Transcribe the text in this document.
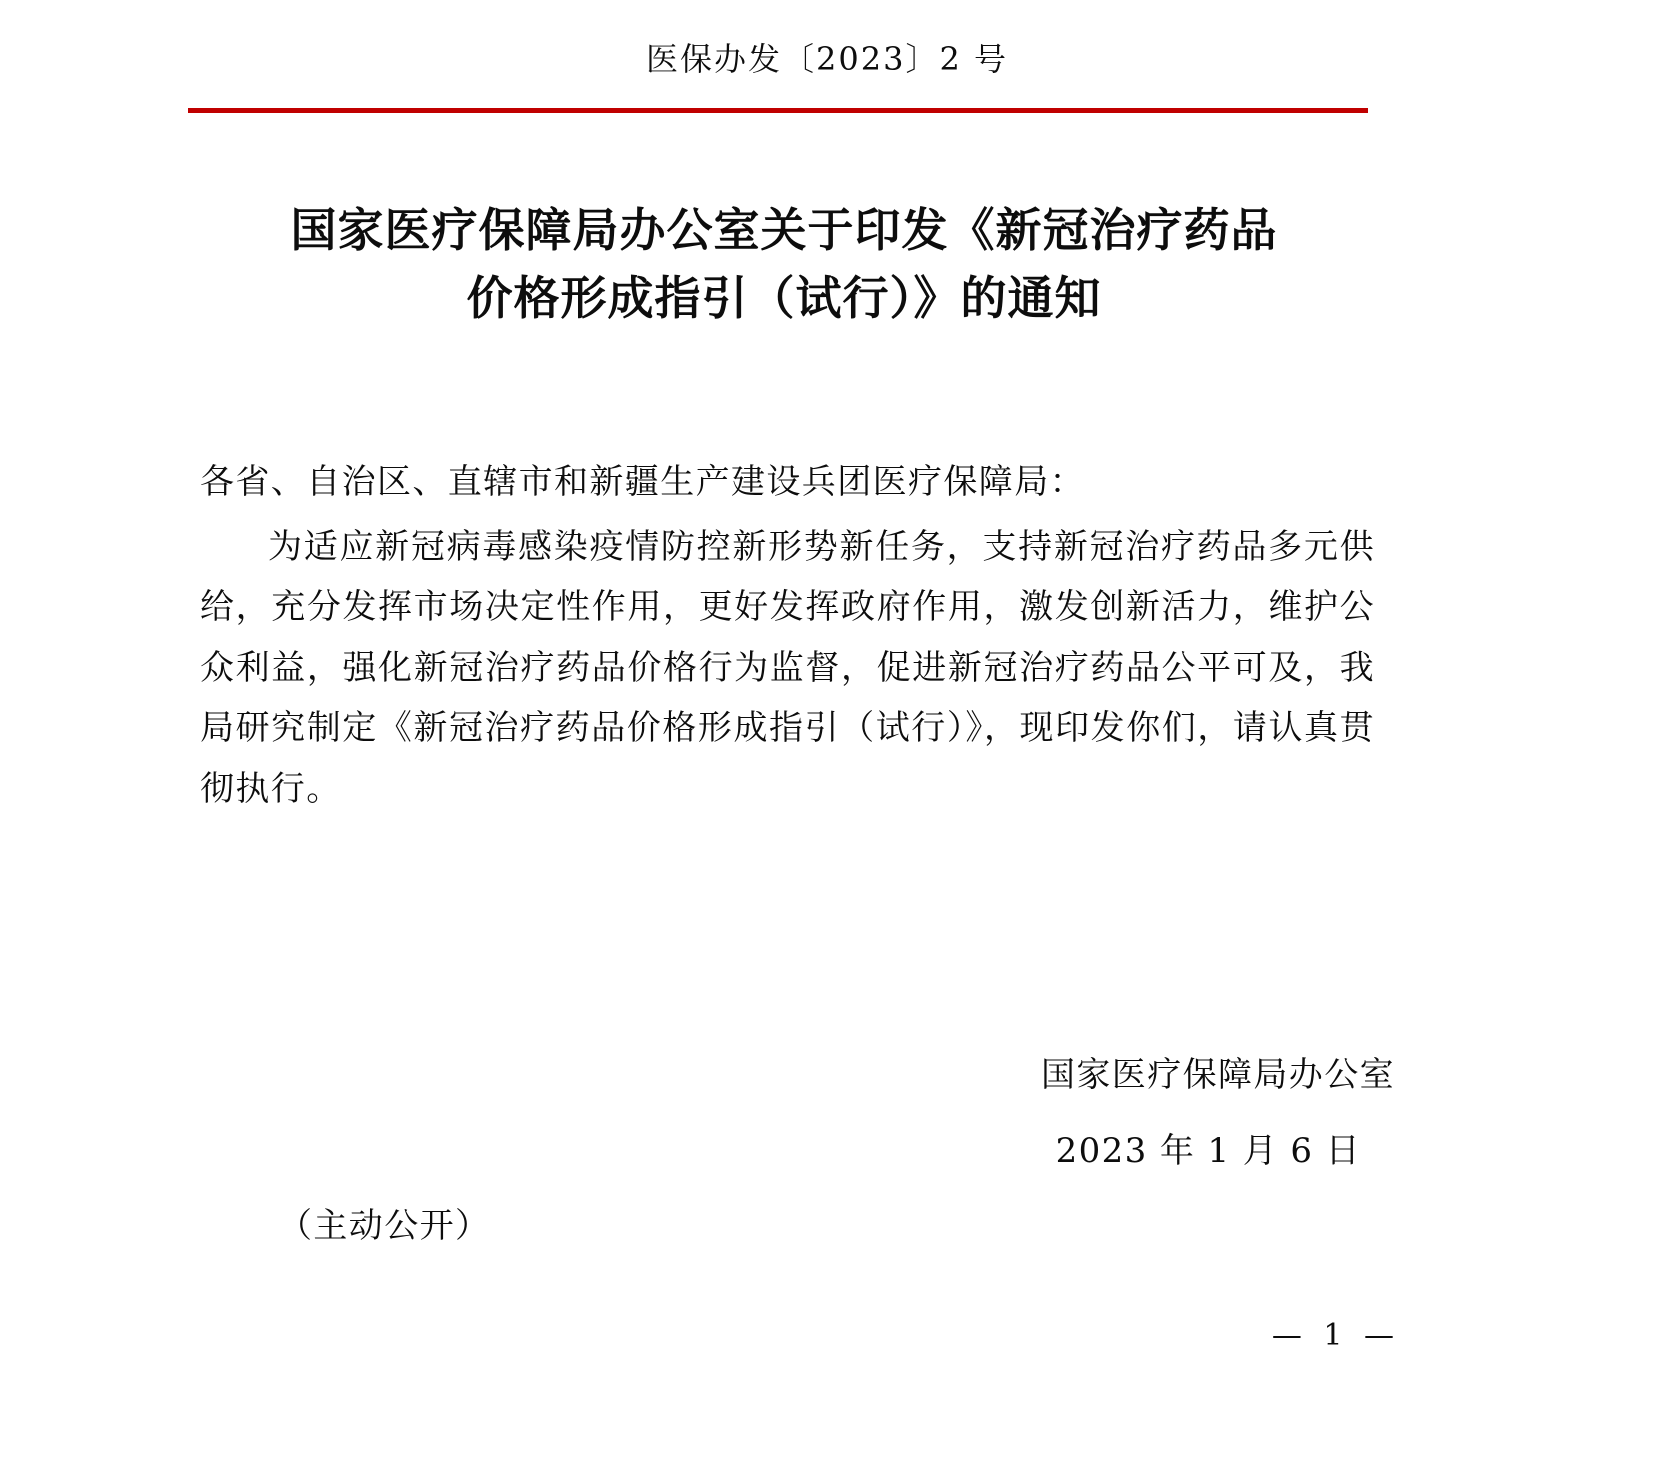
医保办发〔2023〕2 号
国家医疗保障局办公室关于印发《新冠治疗药品
价格形成指引（试行）》的通知

各省、自治区、直辖市和新疆生产建设兵团医疗保障局：

为适应新冠病毒感染疫情防控新形势新任务，支持新冠治疗药品多元供给，充分发挥市场决定性作用，更好发挥政府作用，激发创新活力，维护公众利益，强化新冠治疗药品价格行为监督，促进新冠治疗药品公平可及，我局研究制定《新冠治疗药品价格形成指引（试行）》，现印发你们，请认真贯彻执行。

国家医疗保障局办公室
2023 年 1 月 6 日
（主动公开）
— 1 —
